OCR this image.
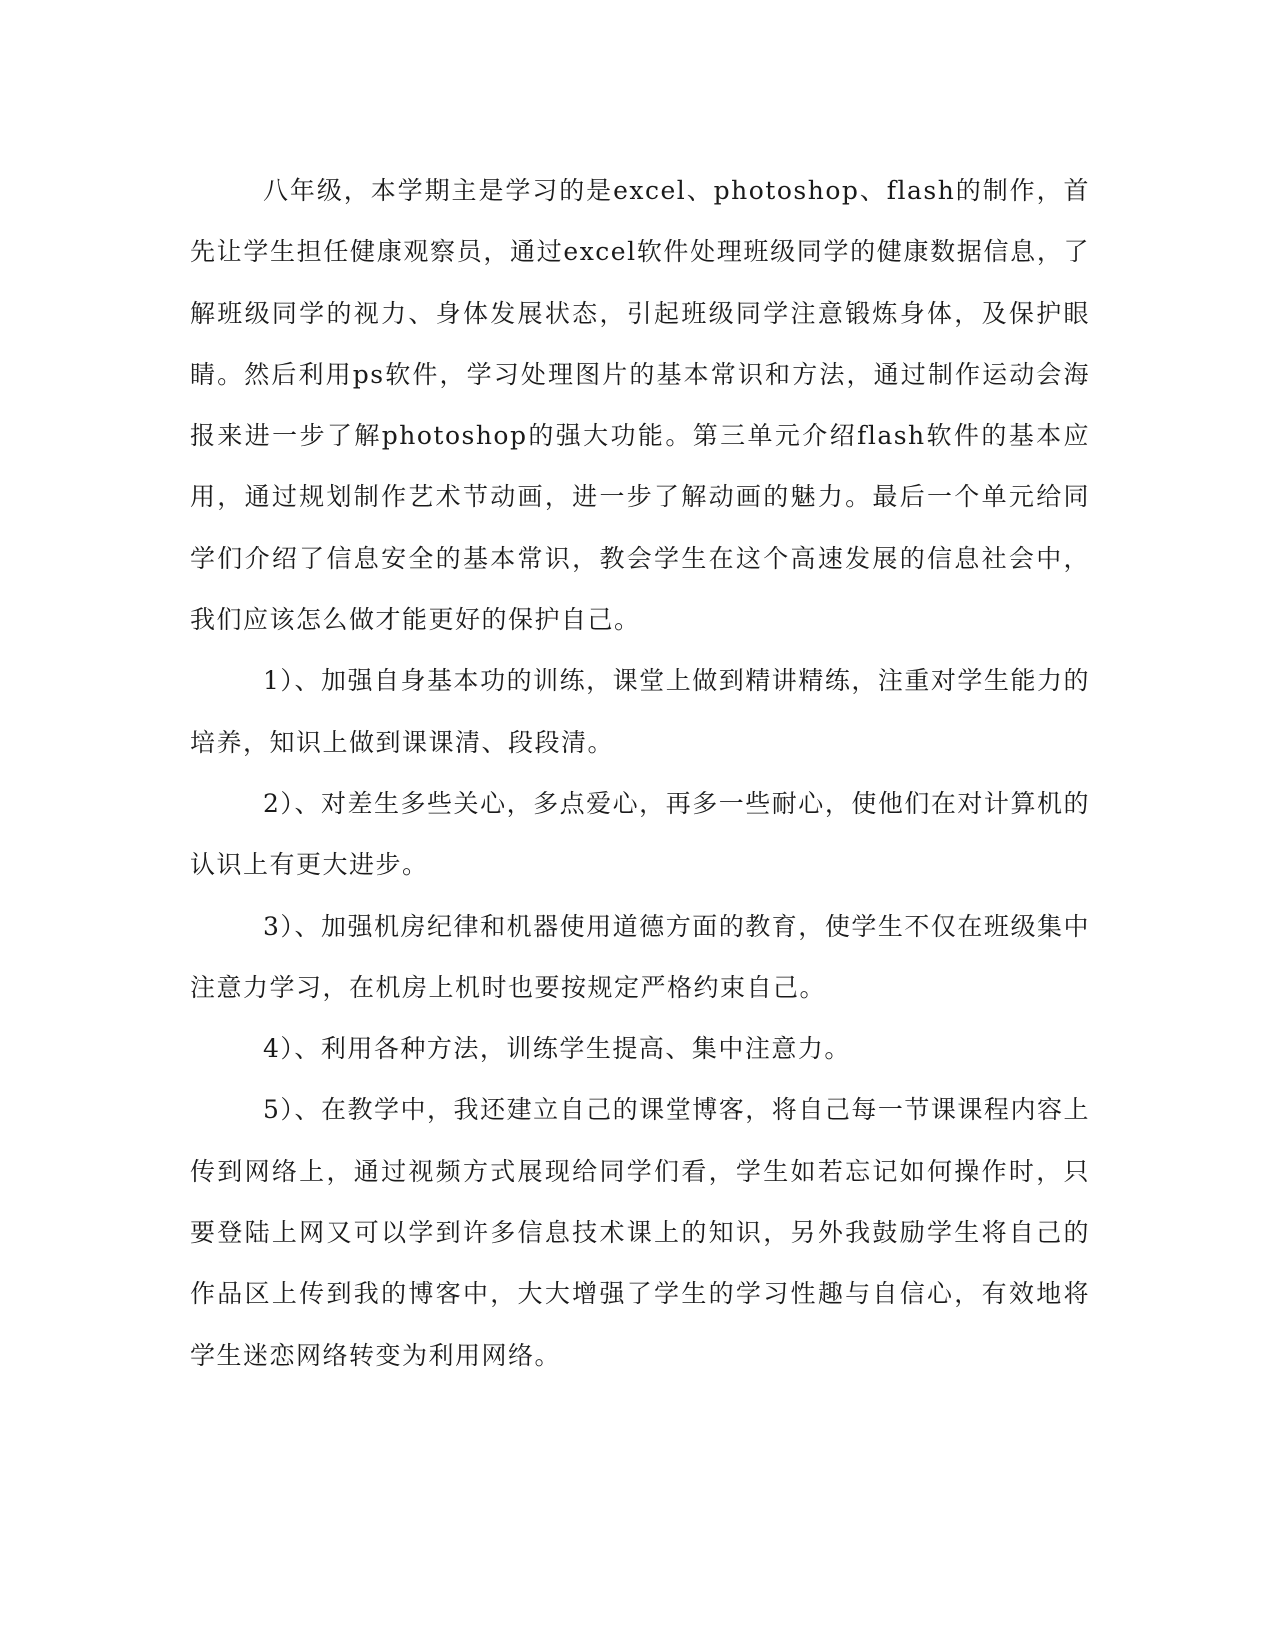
八年级，本学期主是学习的是excel、photoshop、flash的制作，首先让学生担任健康观察员，通过excel软件处理班级同学的健康数据信息，了解班级同学的视力、身体发展状态，引起班级同学注意锻炼身体，及保护眼睛。然后利用ps软件，学习处理图片的基本常识和方法，通过制作运动会海报来进一步了解photoshop的强大功能。第三单元介绍flash软件的基本应用，通过规划制作艺术节动画，进一步了解动画的魅力。最后一个单元给同学们介绍了信息安全的基本常识，教会学生在这个高速发展的信息社会中，我们应该怎么做才能更好的保护自己。

1）、加强自身基本功的训练，课堂上做到精讲精练，注重对学生能力的培养，知识上做到课课清、段段清。

2）、对差生多些关心，多点爱心，再多一些耐心，使他们在对计算机的认识上有更大进步。

3）、加强机房纪律和机器使用道德方面的教育，使学生不仅在班级集中注意力学习，在机房上机时也要按规定严格约束自己。

4）、利用各种方法，训练学生提高、集中注意力。

5）、在教学中，我还建立自己的课堂博客，将自己每一节课课程内容上传到网络上，通过视频方式展现给同学们看，学生如若忘记如何操作时，只要登陆上网又可以学到许多信息技术课上的知识，另外我鼓励学生将自己的作品区上传到我的博客中，大大增强了学生的学习性趣与自信心，有效地将学生迷恋网络转变为利用网络。
